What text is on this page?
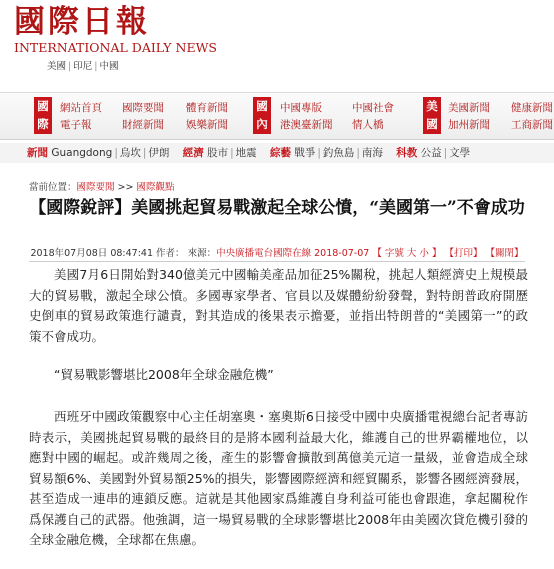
國際日報
INTERNATIONAL DAILY NEWS
美國 | 印尼 | 中國
國際
網站首頁 國際要聞 體育新聞
電子報	財經新聞 娛樂新聞
國內
中國專版	中國社會
港澳臺新聞 情人橋
美國
美國新聞 健康新聞
加州新聞 工商新聞
新聞 Guangdong | 烏坎 | 伊朗 經濟 股市 | 地震 綜藝 戰爭 | 釣魚島 | 南海 科教 公益 | 文學
當前位置：國際要聞 >> 國際觀點
【國際銳評】美國挑起貿易戰激起全球公憤，“美國第一”不會成功
2018年07月08日 08:47:41 作者： 來源：中央廣播電台國際在線 2018-07-07 【 字號 大 小 】 【打印】 【關閉】
美國7月6日開始對340億美元中國輸美產品加征25%關稅，挑起人類經濟史上規模最大的貿易戰，激起全球公憤。多國專家學者、官員以及媒體紛紛發聲，對特朗普政府開歷史倒車的貿易政策進行譴責，對其造成的後果表示擔憂，並指出特朗普的“美國第一”的政策不會成功。
“貿易戰影響堪比2008年全球金融危機”
西班牙中國政策觀察中心主任胡塞奧・塞奧斯6日接受中國中央廣播電視總台記者專訪時表示，美國挑起貿易戰的最終目的是將本國利益最大化，維護自己的世界霸權地位，以應對中國的崛起。或許幾周之後，產生的影響會擴散到萬億美元這一量級，並會造成全球貿易額6%、美國對外貿易額25%的損失，影響國際經濟和經貿關系，影響各國經濟發展，甚至造成一連串的連鎖反應。這就是其他國家爲維護自身利益可能也會跟進，拿起關稅作爲保護自己的武器。他強調，這一場貿易戰的全球影響堪比2008年由美國次貸危機引發的全球金融危機，全球都在焦慮。
